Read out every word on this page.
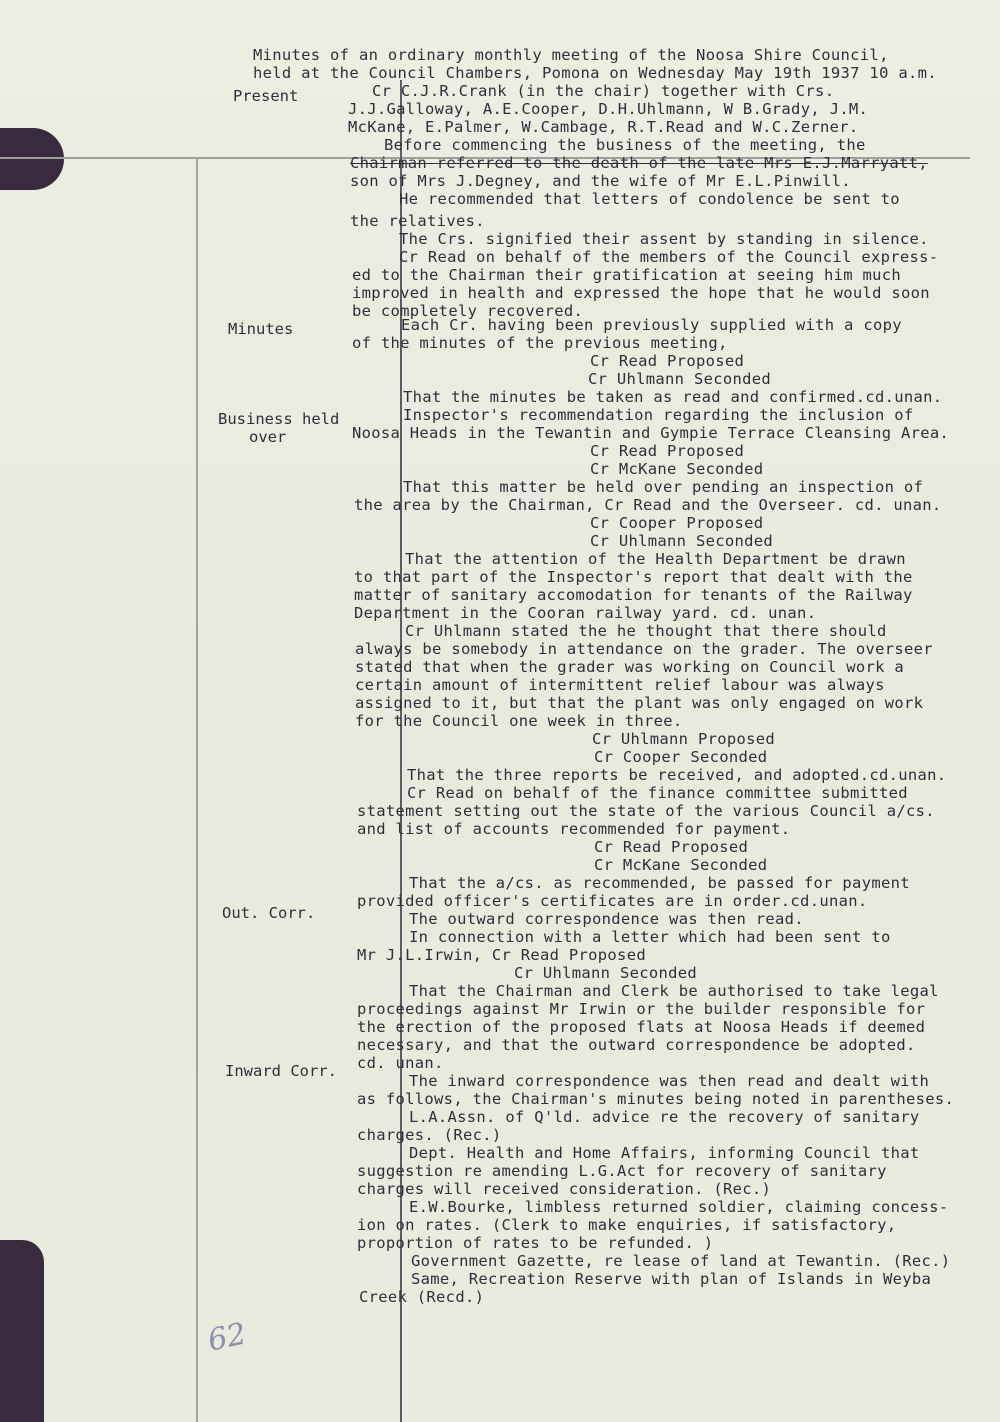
Present
Minutes
Business held
over
Out. Corr.
Inward Corr.
Minutes of an ordinary monthly meeting of the Noosa Shire Council,
held at the Council Chambers, Pomona on Wednesday May 19th 1937 10 a.m.
Cr C.J.R.Crank (in the chair) together with Crs.
J.J.Galloway, A.E.Cooper, D.H.Uhlmann, W B.Grady, J.M.
McKane, E.Palmer, W.Cambage, R.T.Read and W.C.Zerner.
Before commencing the business of the meeting, the
Chairman referred to the death of the late Mrs E.J.Marryatt,
son of Mrs J.Degney, and the wife of Mr E.L.Pinwill.
He recommended that letters of condolence be sent to
the relatives.
The Crs. signified their assent by standing in silence.
Cr Read on behalf of the members of the Council express-
ed to the Chairman their gratification at seeing him much
improved in health and expressed the hope that he would soon
be completely recovered.
Each Cr. having been previously supplied with a copy
of the minutes of the previous meeting,
Cr Read Proposed
Cr Uhlmann Seconded
That the minutes be taken as read and confirmed.cd.unan.
Inspector's recommendation regarding the inclusion of
Noosa Heads in the Tewantin and Gympie Terrace Cleansing Area.
Cr Read Proposed
Cr McKane Seconded
That this matter be held over pending an inspection of
the area by the Chairman, Cr Read and the Overseer. cd. unan.
Cr Cooper Proposed
Cr Uhlmann Seconded
That the attention of the Health Department be drawn
to that part of the Inspector's report that dealt with the
matter of sanitary accomodation for tenants of the Railway
Department in the Cooran railway yard. cd. unan.
Cr Uhlmann stated the he thought that there should
always be somebody in attendance on the grader. The overseer
stated that when the grader was working on Council work a
certain amount of intermittent relief labour was always
assigned to it, but that the plant was only engaged on work
for the Council one week in three.
Cr Uhlmann Proposed
Cr Cooper Seconded
That the three reports be received, and adopted.cd.unan.
Cr Read on behalf of the finance committee submitted
statement setting out the state of the various Council a/cs.
and list of accounts recommended for payment.
Cr Read Proposed
Cr McKane Seconded
That the a/cs. as recommended, be passed for payment
provided officer's certificates are in order.cd.unan.
The outward correspondence was then read.
In connection with a letter which had been sent to
Mr J.L.Irwin, Cr Read Proposed
Cr Uhlmann Seconded
That the Chairman and Clerk be authorised to take legal
proceedings against Mr Irwin or the builder responsible for
the erection of the proposed flats at Noosa Heads if deemed
necessary, and that the outward correspondence be adopted.
cd. unan.
The inward correspondence was then read and dealt with
as follows, the Chairman's minutes being noted in parentheses.
L.A.Assn. of Q'ld. advice re the recovery of sanitary
charges. (Rec.)
Dept. Health and Home Affairs, informing Council that
suggestion re amending L.G.Act for recovery of sanitary
charges will received consideration. (Rec.)
E.W.Bourke, limbless returned soldier, claiming concess-
ion on rates. (Clerk to make enquiries, if satisfactory,
proportion of rates to be refunded. )
Government Gazette, re lease of land at Tewantin. (Rec.)
Same, Recreation Reserve with plan of Islands in Weyba
Creek (Recd.)
62
